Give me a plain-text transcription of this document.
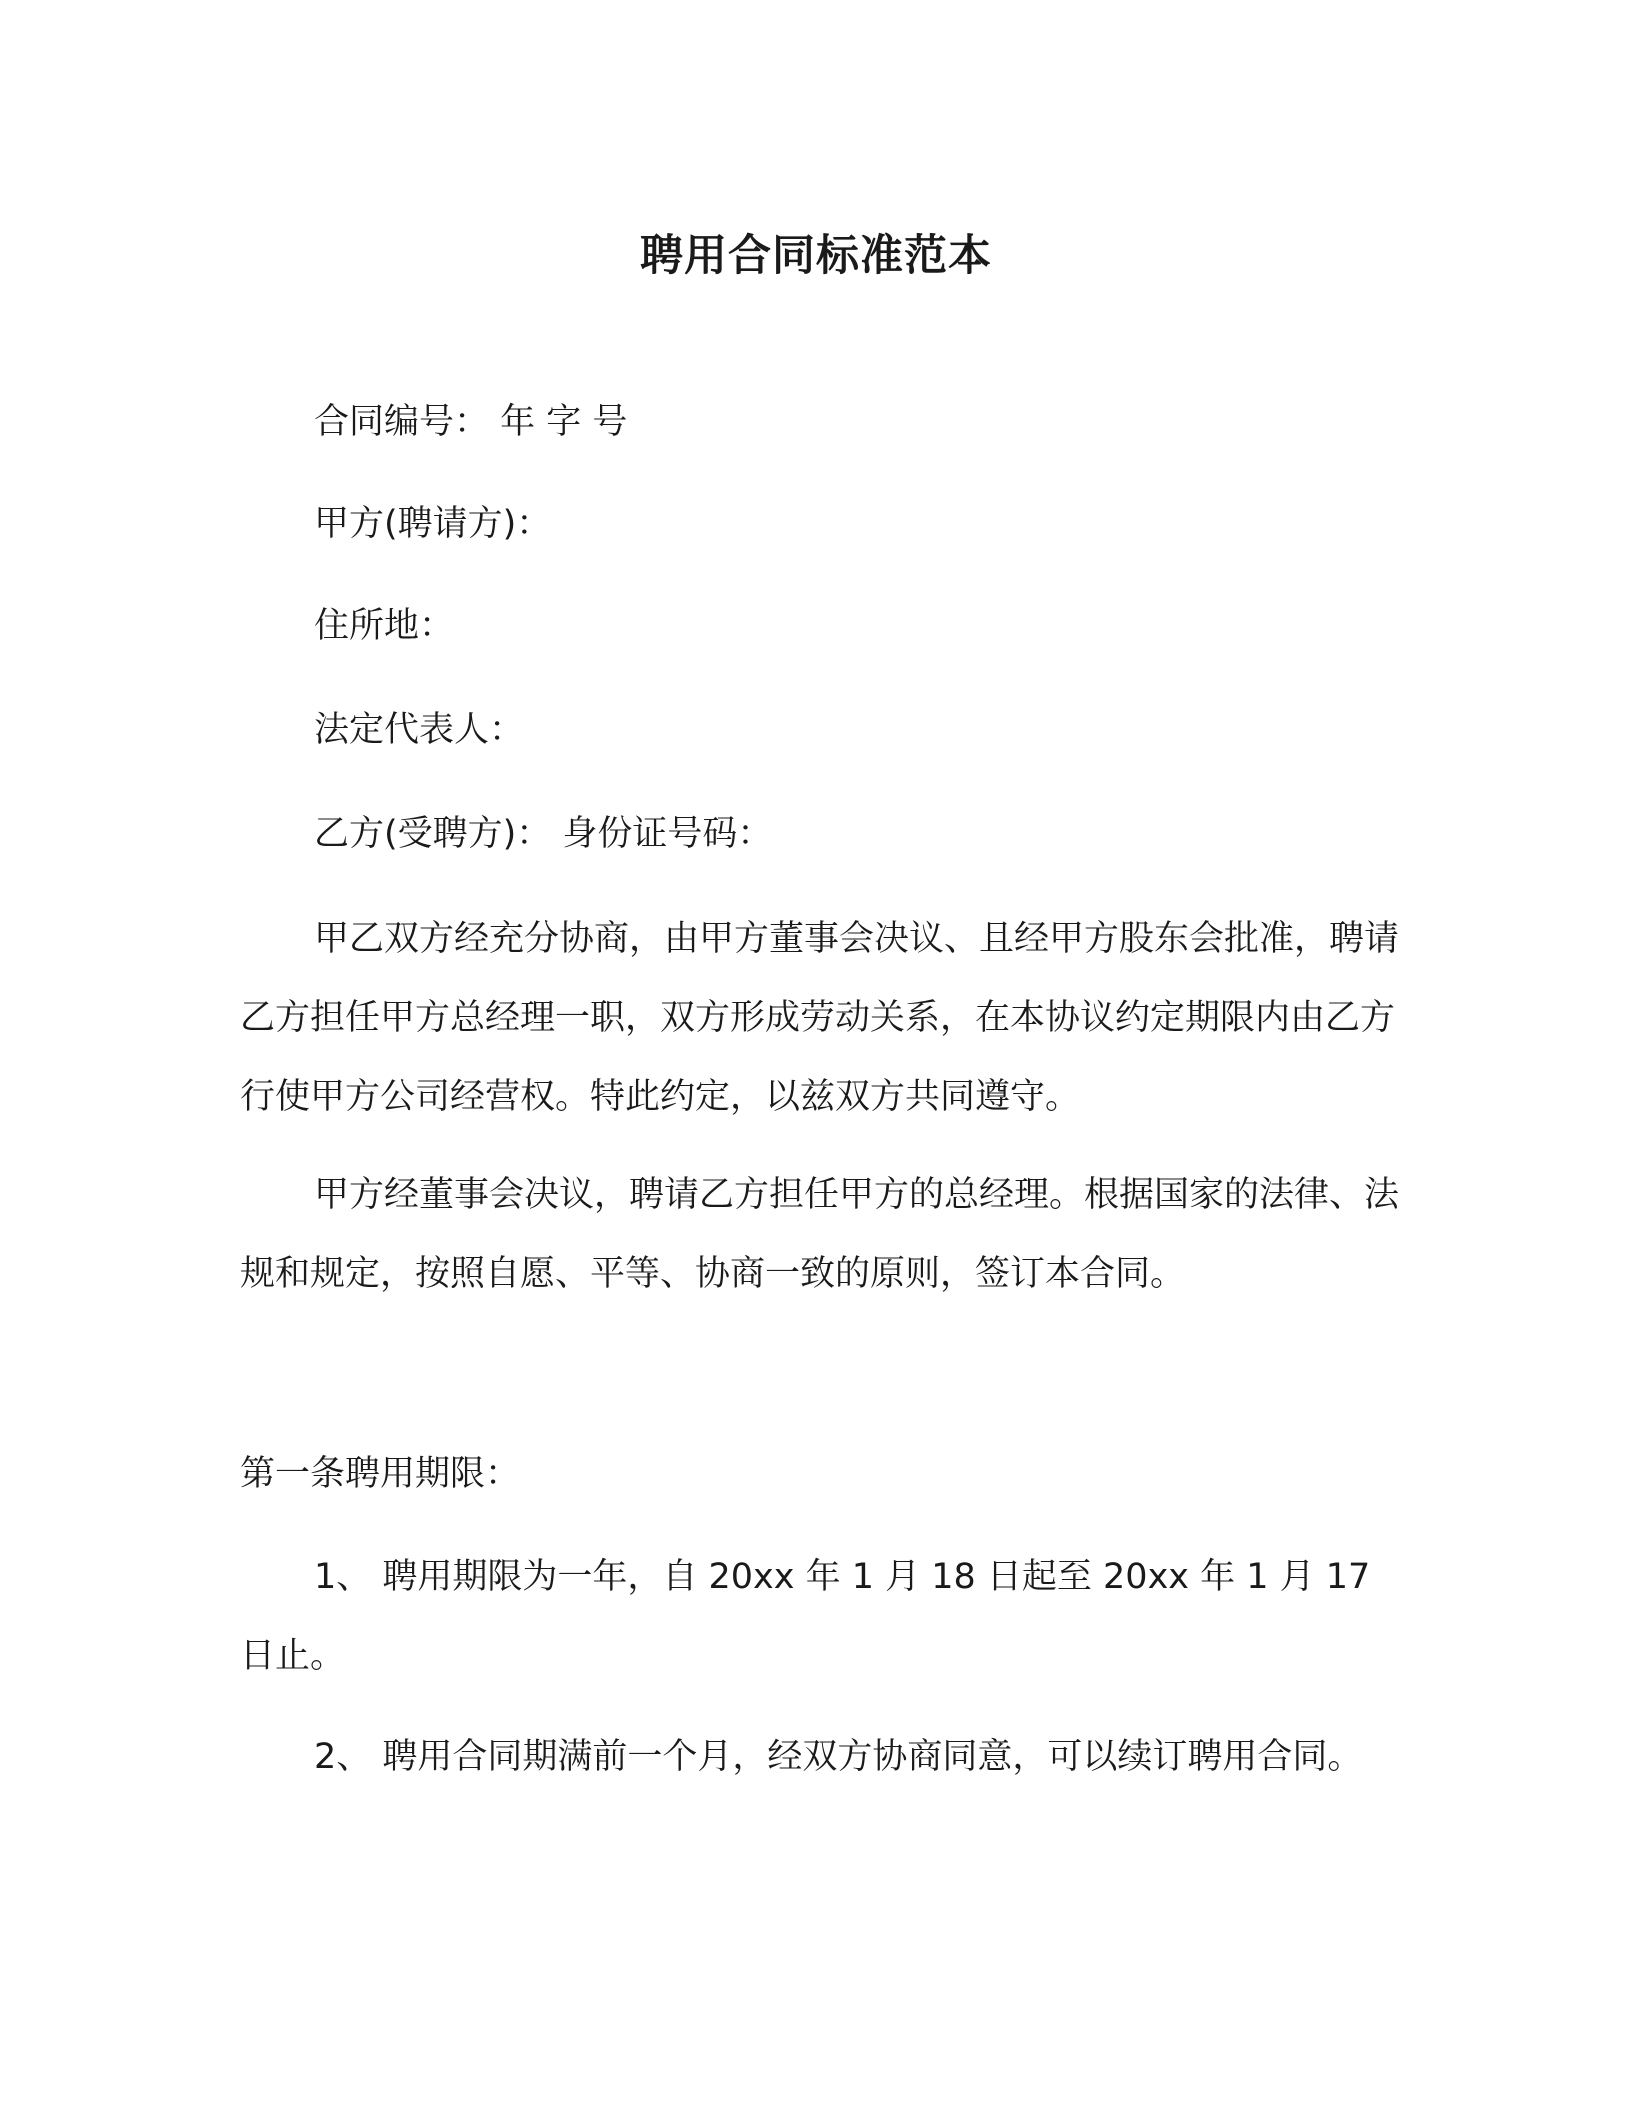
聘用合同标准范本
合同编号： 年 字 号
甲方(聘请方)：
住所地：
法定代表人：
乙方(受聘方)： 身份证号码：
甲乙双方经充分协商，由甲方董事会决议、且经甲方股东会批准，聘请乙方担任甲方总经理一职，双方形成劳动关系，在本协议约定期限内由乙方行使甲方公司经营权。特此约定，以兹双方共同遵守。
甲方经董事会决议，聘请乙方担任甲方的总经理。根据国家的法律、法规和规定，按照自愿、平等、协商一致的原则，签订本合同。
第一条聘用期限：
1、 聘用期限为一年，自 20xx 年 1 月 18 日起至 20xx 年 1 月 17 日止。
2、 聘用合同期满前一个月，经双方协商同意，可以续订聘用合同。
